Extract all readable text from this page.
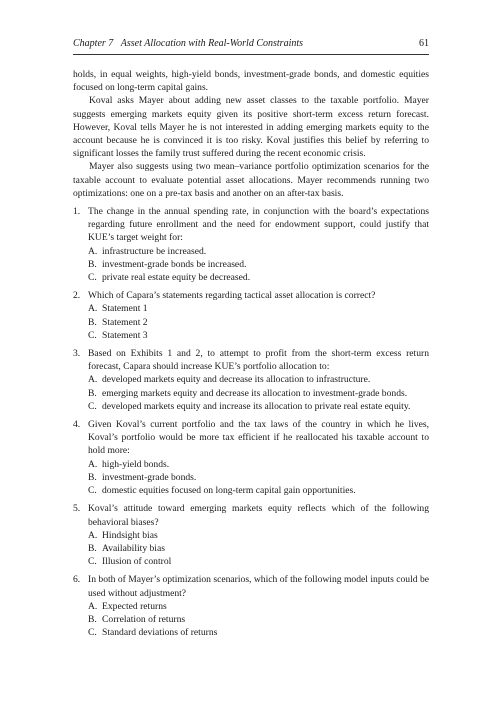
Chapter 7 Asset Allocation with Real-World Constraints	61

holds, in equal weights, high-yield bonds, investment-grade bonds, and domestic equities focused on long-term capital gains.

Koval asks Mayer about adding new asset classes to the taxable portfolio. Mayer suggests emerging markets equity given its positive short-term excess return forecast. However, Koval tells Mayer he is not interested in adding emerging markets equity to the account because he is convinced it is too risky. Koval justifies this belief by referring to significant losses the family trust suffered during the recent economic crisis.

Mayer also suggests using two mean–variance portfolio optimization scenarios for the taxable account to evaluate potential asset allocations. Mayer recommends running two optimizations: one on a pre-tax basis and another on an after-tax basis.

1. The change in the annual spending rate, in conjunction with the board’s expectations regarding future enrollment and the need for endowment support, could justify that KUE’s target weight for:
A. infrastructure be increased.
B. investment-grade bonds be increased.
C. private real estate equity be decreased.
2. Which of Capara’s statements regarding tactical asset allocation is correct?
A. Statement 1
B. Statement 2
C. Statement 3
3. Based on Exhibits 1 and 2, to attempt to profit from the short-term excess return forecast, Capara should increase KUE’s portfolio allocation to:
A. developed markets equity and decrease its allocation to infrastructure.
B. emerging markets equity and decrease its allocation to investment-grade bonds.
C. developed markets equity and increase its allocation to private real estate equity.
4. Given Koval’s current portfolio and the tax laws of the country in which he lives, Koval’s portfolio would be more tax efficient if he reallocated his taxable account to hold more:
A. high-yield bonds.
B. investment-grade bonds.
C. domestic equities focused on long-term capital gain opportunities.
5. Koval’s attitude toward emerging markets equity reflects which of the following behavioral biases?
A. Hindsight bias
B. Availability bias
C. Illusion of control
6. In both of Mayer’s optimization scenarios, which of the following model inputs could be used without adjustment?
A. Expected returns
B. Correlation of returns
C. Standard deviations of returns
